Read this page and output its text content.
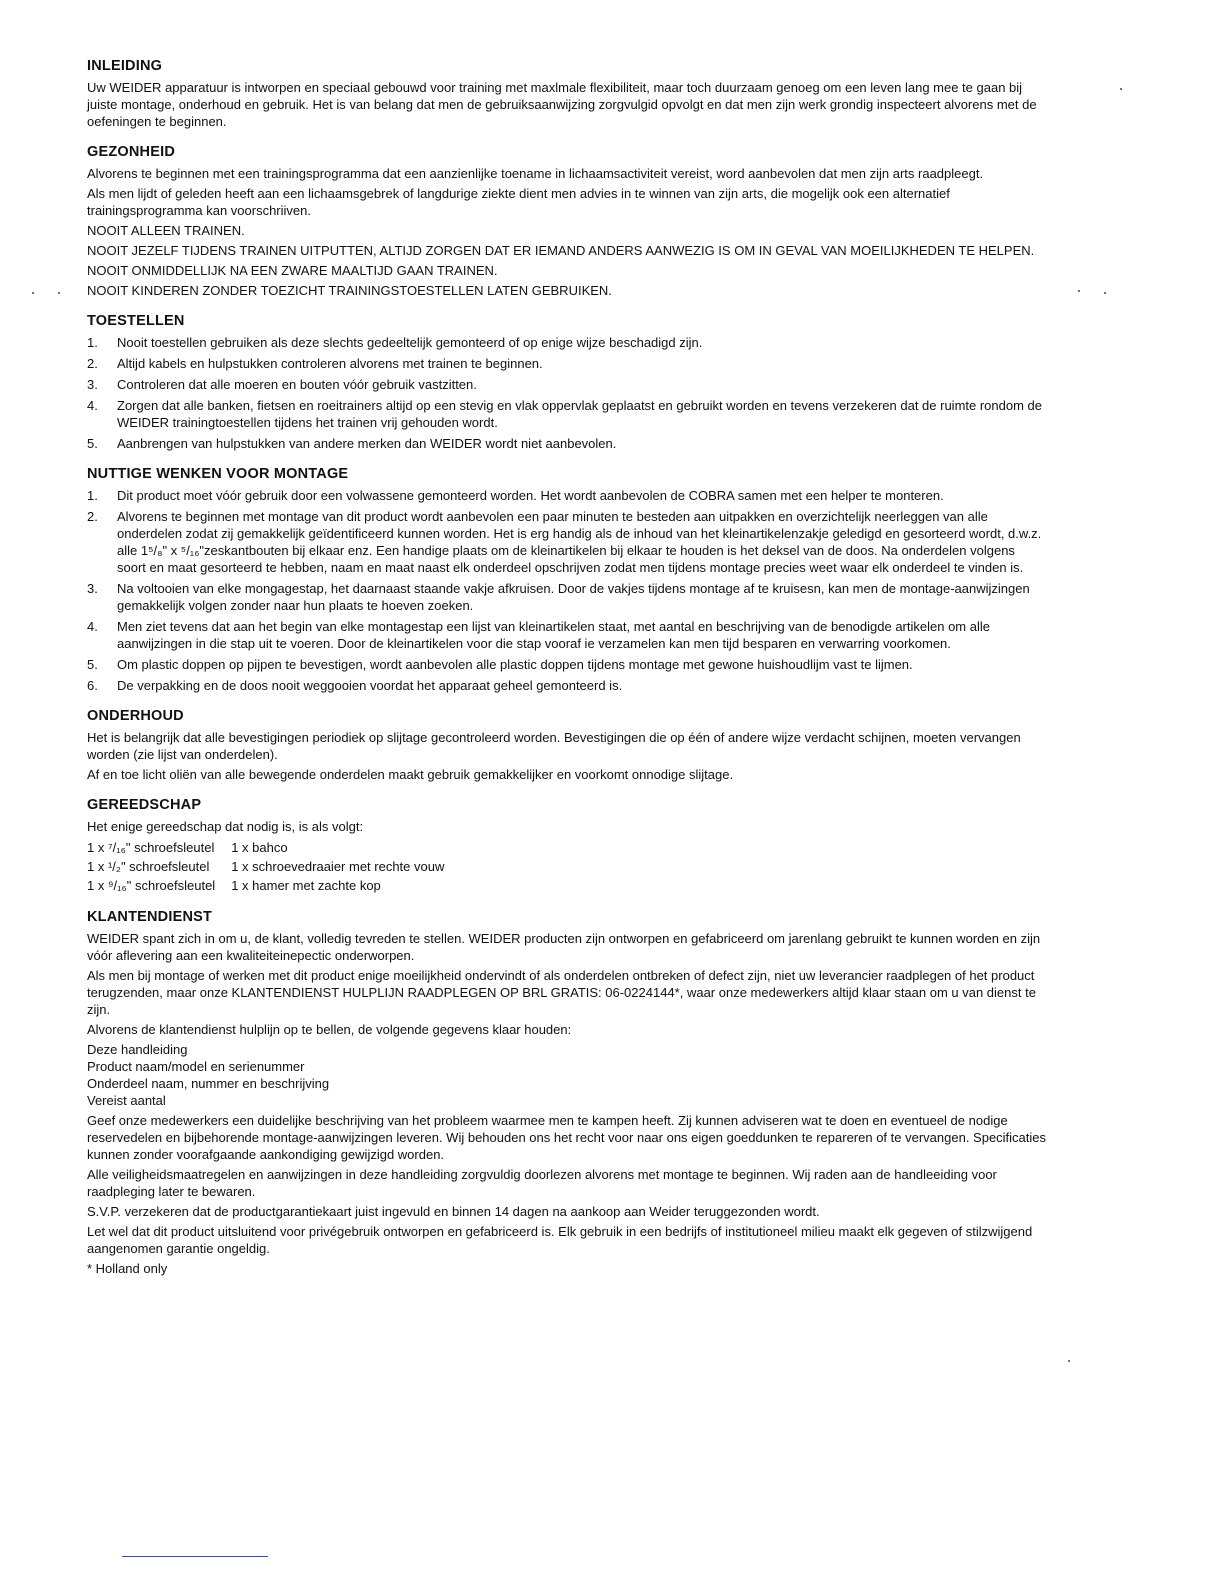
INLEIDING
Uw WEIDER apparatuur is intworpen en speciaal gebouwd voor training met maxlmale flexibiliteit, maar toch duurzaam genoeg om een leven lang mee te gaan bij juiste montage, onderhoud en gebruik. Het is van belang dat men de gebruiksaanwijzing zorgvulgid opvolgt en dat men zijn werk grondig inspecteert alvorens met de oefeningen te beginnen.
GEZONHEID
Alvorens te beginnen met een trainingsprogramma dat een aanzienlijke toename in lichaamsactiviteit vereist, word aanbevolen dat men zijn arts raadpleegt.
Als men lijdt of geleden heeft aan een lichaamsgebrek of langdurige ziekte dient men advies in te winnen van zijn arts, die mogelijk ook een alternatief trainingsprogramma kan voorschriiven.
NOOIT ALLEEN TRAINEN.
NOOIT JEZELF TIJDENS TRAINEN UITPUTTEN, ALTIJD ZORGEN DAT ER IEMAND ANDERS AANWEZIG IS OM IN GEVAL VAN MOEILIJKHEDEN TE HELPEN.
NOOIT ONMIDDELLIJK NA EEN ZWARE MAALTIJD GAAN TRAINEN.
NOOIT KINDEREN ZONDER TOEZICHT TRAININGSTOESTELLEN LATEN GEBRUIKEN.
TOESTELLEN
1. Nooit toestellen gebruiken als deze slechts gedeeltelijk gemonteerd of op enige wijze beschadigd zijn.
2. Altijd kabels en hulpstukken controleren alvorens met trainen te beginnen.
3. Controleren dat alle moeren en bouten vóór gebruik vastzitten.
4. Zorgen dat alle banken, fietsen en roeitrainers altijd op een stevig en vlak oppervlak geplaatst en gebruikt worden en tevens verzekeren dat de ruimte rondom de WEIDER trainingtoestellen tijdens het trainen vrij gehouden wordt.
5. Aanbrengen van hulpstukken van andere merken dan WEIDER wordt niet aanbevolen.
NUTTIGE WENKEN VOOR MONTAGE
1. Dit product moet vóór gebruik door een volwassene gemonteerd worden. Het wordt aanbevolen de COBRA samen met een helper te monteren.
2. Alvorens te beginnen met montage van dit product wordt aanbevolen een paar minuten te besteden aan uitpakken en overzichtelijk neerleggen van alle onderdelen zodat zij gemakkelijk geïdentificeerd kunnen worden. Het is erg handig als de inhoud van het kleinartikelenzakje geledigd en gesorteerd wordt, d.w.z. alle 1⁵/₈" x ⁵/₁₆"zeskantbouten bij elkaar enz. Een handige plaats om de kleinartikelen bij elkaar te houden is het deksel van de doos. Na onderdelen volgens soort en maat gesorteerd te hebben, naam en maat naast elk onderdeel opschrijven zodat men tijdens montage precies weet waar elk onderdeel te vinden is.
3. Na voltooien van elke mongagestap, het daarnaast staande vakje afkruisen. Door de vakjes tijdens montage af te kruisesn, kan men de montage-aanwijzingen gemakkelijk volgen zonder naar hun plaats te hoeven zoeken.
4. Men ziet tevens dat aan het begin van elke montagestap een lijst van kleinartikelen staat, met aantal en beschrijving van de benodigde artikelen om alle aanwijzingen in die stap uit te voeren. Door de kleinartikelen voor die stap vooraf ie verzamelen kan men tijd besparen en verwarring voorkomen.
5. Om plastic doppen op pijpen te bevestigen, wordt aanbevolen alle plastic doppen tijdens montage met gewone huishoudlijm vast te lijmen.
6. De verpakking en de doos nooit weggooien voordat het apparaat geheel gemonteerd is.
ONDERHOUD
Het is belangrijk dat alle bevestigingen periodiek op slijtage gecontroleerd worden. Bevestigingen die op één of andere wijze verdacht schijnen, moeten vervangen worden (zie lijst van onderdelen).
Af en toe licht oliën van alle bewegende onderdelen maakt gebruik gemakkelijker en voorkomt onnodige slijtage.
GEREEDSCHAP
Het enige gereedschap dat nodig is, is als volgt:
1 x ⁷/₁₆" schroefsleutel	1 x bahco
1 x ¹/₂" schroefsleutel	1 x schroevedraaier met rechte vouw
1 x ⁹/₁₆" schroefsleutel	1 x hamer met zachte kop
KLANTENDIENST
WEIDER spant zich in om u, de klant, volledig tevreden te stellen. WEIDER producten zijn ontworpen en gefabriceerd om jarenlang gebruikt te kunnen worden en zijn vóór aflevering aan een kwaliteiteinepectic onderworpen.
Als men bij montage of werken met dit product enige moeilijkheid ondervindt of als onderdelen ontbreken of defect zijn, niet uw leverancier raadplegen of het product terugzenden, maar onze KLANTENDIENST HULPLIJN RAADPLEGEN OP BRL GRATIS: 06-0224144*, waar onze medewerkers altijd klaar staan om u van dienst te zijn.
Alvorens de klantendienst hulplijn op te bellen, de volgende gegevens klaar houden:
Deze handleiding
Product naam/model en serienummer
Onderdeel naam, nummer en beschrijving
Vereist aantal
Geef onze medewerkers een duidelijke beschrijving van het probleem waarmee men te kampen heeft. Zij kunnen adviseren wat te doen en eventueel de nodige reservedelen en bijbehorende montage-aanwijzingen leveren. Wij behouden ons het recht voor naar ons eigen goeddunken te repareren of te vervangen. Specificaties kunnen zonder voorafgaande aankondiging gewijzigd worden.
Alle veiligheidsmaatregelen en aanwijzingen in deze handleiding zorgvuldig doorlezen alvorens met montage te beginnen. Wij raden aan de handleeiding voor raadpleging later te bewaren.
S.V.P. verzekeren dat de productgarantiekaart juist ingevuld en binnen 14 dagen na aankoop aan Weider teruggezonden wordt.
Let wel dat dit product uitsluitend voor privégebruik ontworpen en gefabriceerd is. Elk gebruik in een bedrijfs of institutioneel milieu maakt elk gegeven of stilzwijgend aangenomen garantie ongeldig.
* Holland only
